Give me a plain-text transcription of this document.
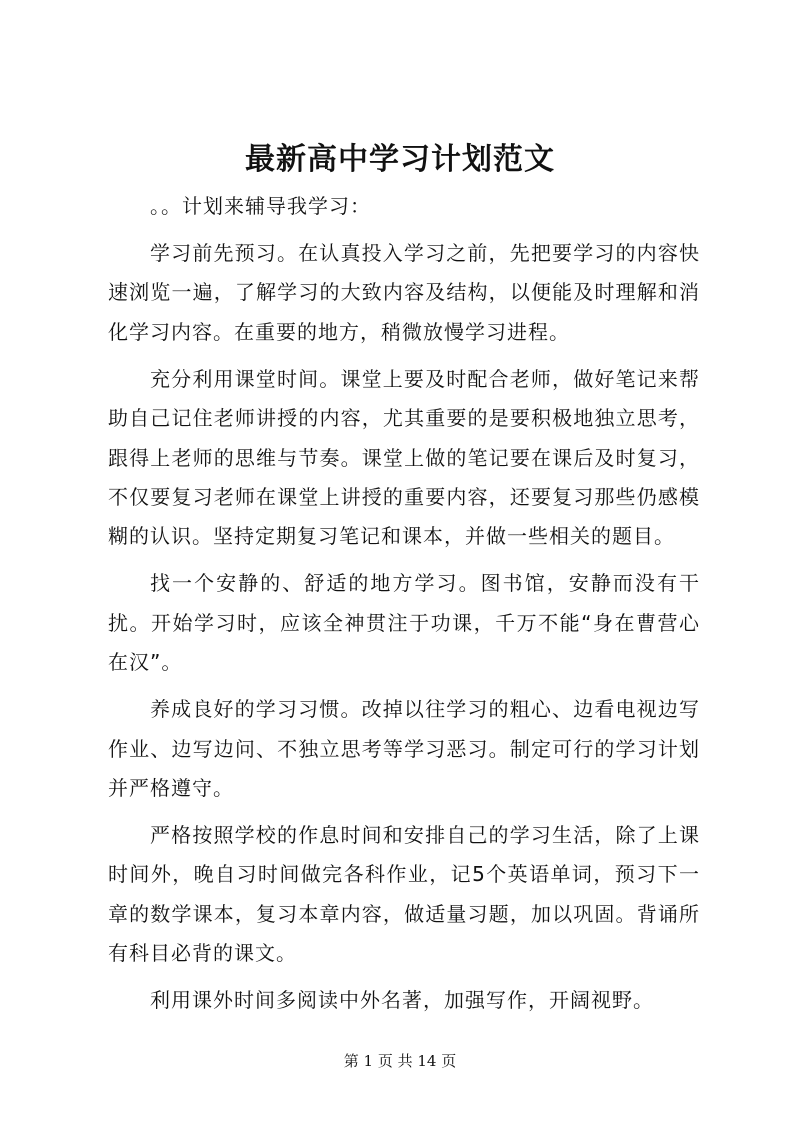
最新高中学习计划范文

。。计划来辅导我学习：

学习前先预习。在认真投入学习之前，先把要学习的内容快速浏览一遍，了解学习的大致内容及结构，以便能及时理解和消化学习内容。在重要的地方，稍微放慢学习进程。

充分利用课堂时间。课堂上要及时配合老师，做好笔记来帮助自己记住老师讲授的内容，尤其重要的是要积极地独立思考，跟得上老师的思维与节奏。课堂上做的笔记要在课后及时复习，不仅要复习老师在课堂上讲授的重要内容，还要复习那些仍感模糊的认识。坚持定期复习笔记和课本，并做一些相关的题目。

找一个安静的、舒适的地方学习。图书馆，安静而没有干扰。开始学习时，应该全神贯注于功课，千万不能“身在曹营心在汉”。

养成良好的学习习惯。改掉以往学习的粗心、边看电视边写作业、边写边问、不独立思考等学习恶习。制定可行的学习计划并严格遵守。

严格按照学校的作息时间和安排自己的学习生活，除了上课时间外，晚自习时间做完各科作业，记5个英语单词，预习下一章的数学课本，复习本章内容，做适量习题，加以巩固。背诵所有科目必背的课文。

利用课外时间多阅读中外名著，加强写作，开阔视野。

第 1 页 共 14 页
